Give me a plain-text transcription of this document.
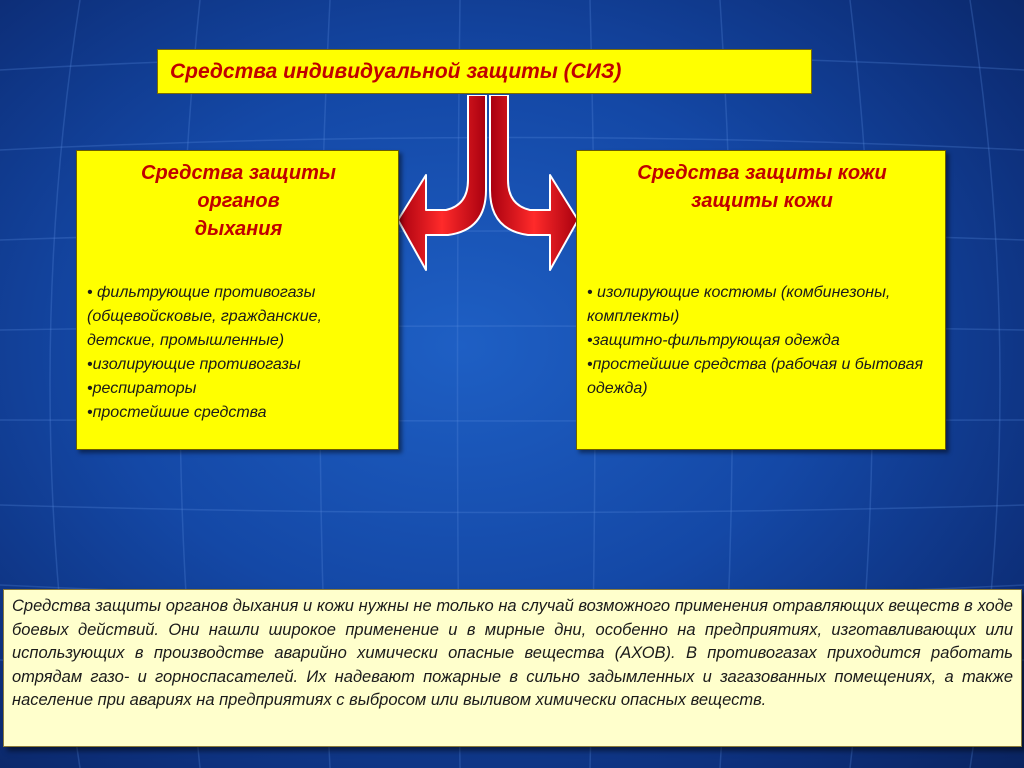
Средства индивидуальной защиты (СИЗ)
Средства защиты
органов
дыхания
• фильтрующие противогазы (общевойсковые, гражданские, детские, промышленные)
•изолирующие противогазы
•респираторы
•простейшие средства
Средства защиты кожи
защиты кожи
• изолирующие костюмы (комбинезоны, комплекты)
•защитно-фильтрующая одежда
•простейшие средства (рабочая и бытовая одежда)

Средства защиты органов дыхания и кожи нужны не только на случай возможного применения отравляющих веществ в ходе боевых действий. Они нашли широкое применение и в мирные дни, особенно на предприятиях, изготавливающих или использующих в производстве аварийно химически опасные вещества (АХОВ). В противогазах приходится работать отрядам газо- и горноспасателей. Их надевают пожарные в сильно задымленных и загазованных помещениях, а также население при авариях на предприятиях с выбросом или выливом химически опасных веществ.
